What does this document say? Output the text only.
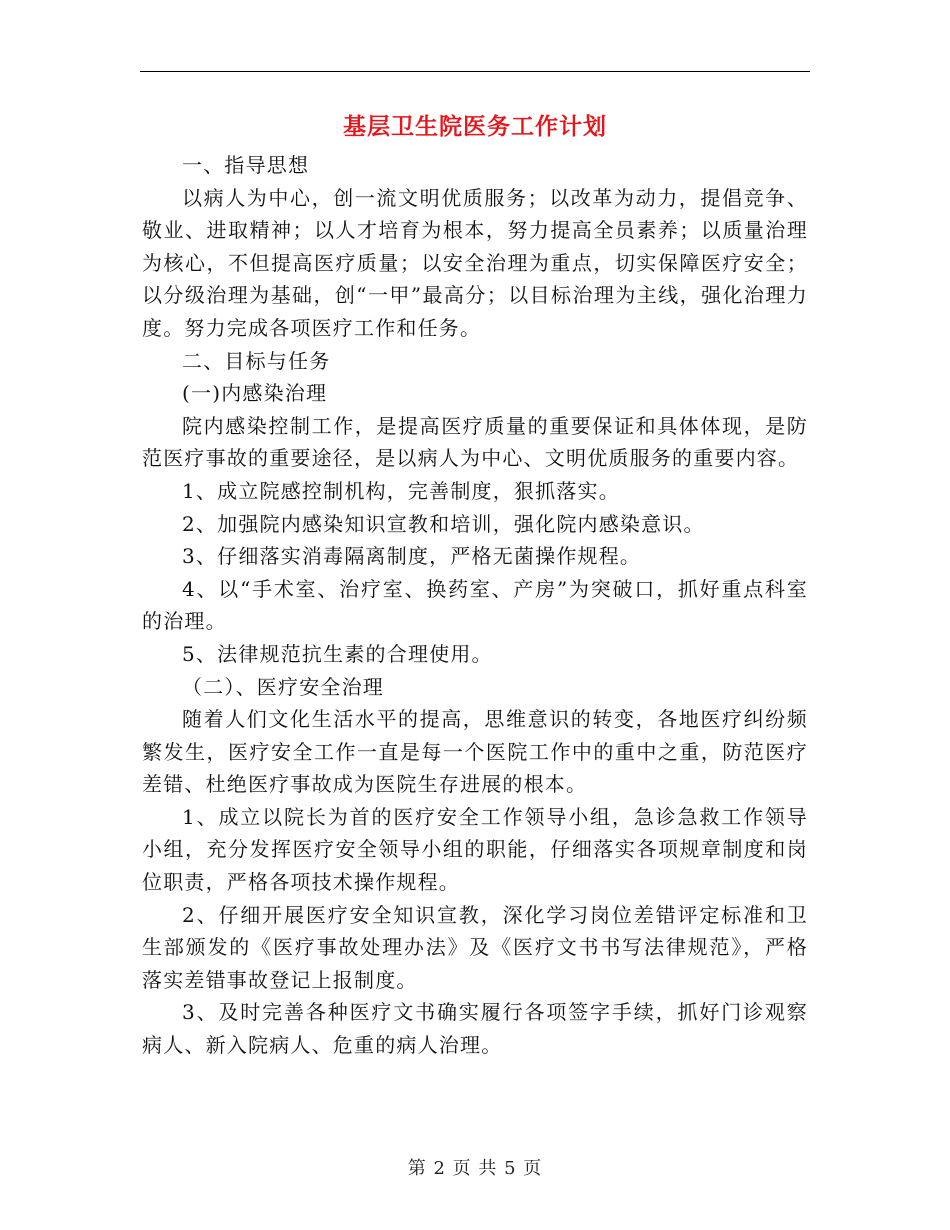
基层卫生院医务工作计划

一、指导思想

以病人为中心，创一流文明优质服务；以改革为动力，提倡竞争、敬业、进取精神；以人才培育为根本，努力提高全员素养；以质量治理为核心，不但提高医疗质量；以安全治理为重点，切实保障医疗安全；以分级治理为基础，创“一甲”最高分；以目标治理为主线，强化治理力度。努力完成各项医疗工作和任务。

二、目标与任务

(一)内感染治理

院内感染控制工作，是提高医疗质量的重要保证和具体体现，是防范医疗事故的重要途径，是以病人为中心、文明优质服务的重要内容。

1、成立院感控制机构，完善制度，狠抓落实。

2、加强院内感染知识宣教和培训，强化院内感染意识。

3、仔细落实消毒隔离制度，严格无菌操作规程。

4、以“手术室、治疗室、换药室、产房”为突破口，抓好重点科室的治理。

5、法律规范抗生素的合理使用。

（二）、医疗安全治理

随着人们文化生活水平的提高，思维意识的转变，各地医疗纠纷频繁发生，医疗安全工作一直是每一个医院工作中的重中之重，防范医疗差错、杜绝医疗事故成为医院生存进展的根本。

1、成立以院长为首的医疗安全工作领导小组，急诊急救工作领导小组，充分发挥医疗安全领导小组的职能，仔细落实各项规章制度和岗位职责，严格各项技术操作规程。

2、仔细开展医疗安全知识宣教，深化学习岗位差错评定标准和卫生部颁发的《医疗事故处理办法》及《医疗文书书写法律规范》，严格落实差错事故登记上报制度。

3、及时完善各种医疗文书确实履行各项签字手续，抓好门诊观察病人、新入院病人、危重的病人治理。

第 2 页 共 5 页
